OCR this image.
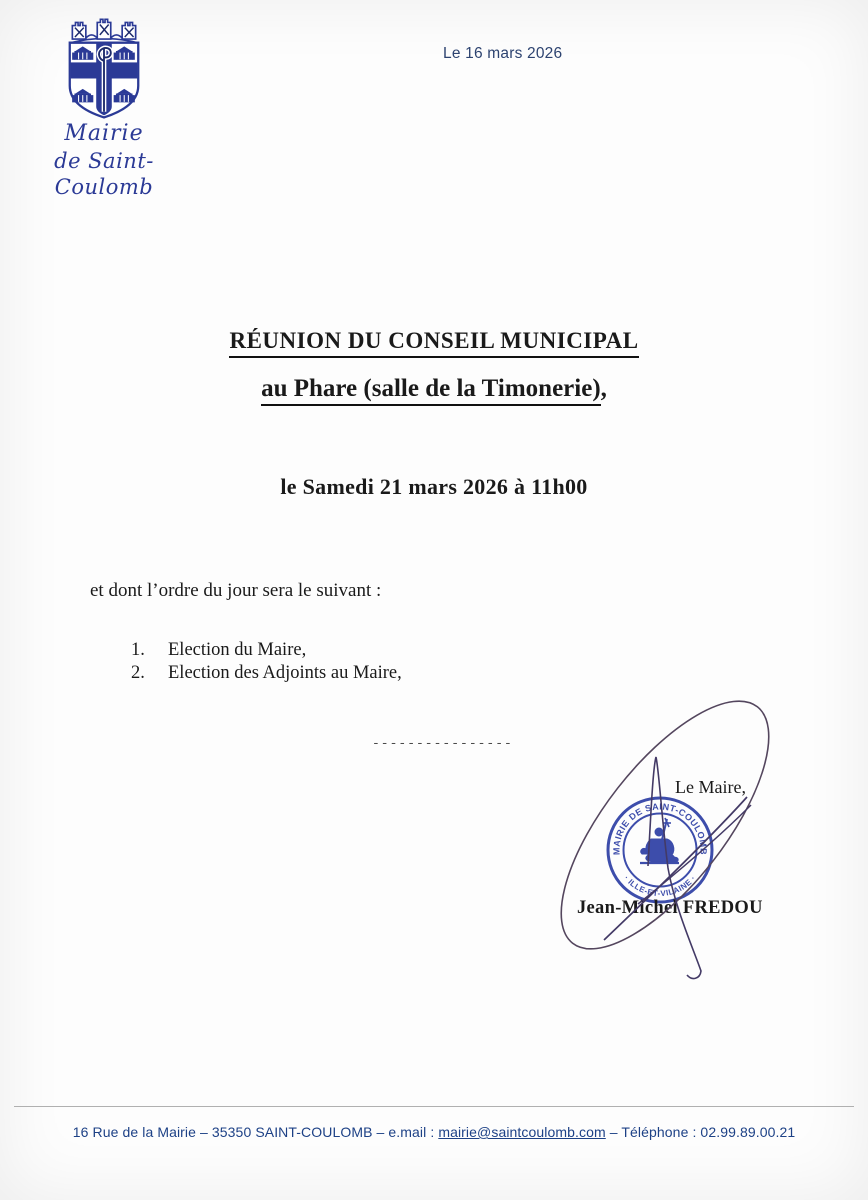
Mairie
de Saint-Coulomb
Le 16 mars 2026
RÉUNION DU CONSEIL MUNICIPAL
au Phare (salle de la Timonerie),
le Samedi 21 mars 2026 à 11h00
et dont l’ordre du jour sera le suivant :
1.	Election du Maire,
2.	Election des Adjoints au Maire,
----------------
Le Maire,
MAIRIE DE SAINT-COULOMB
· ILLE-ET-VILAINE ·
Jean-Michel FREDOU
16 Rue de la Mairie – 35350 SAINT-COULOMB – e.mail : mairie@saintcoulomb.com – Téléphone : 02.99.89.00.21
